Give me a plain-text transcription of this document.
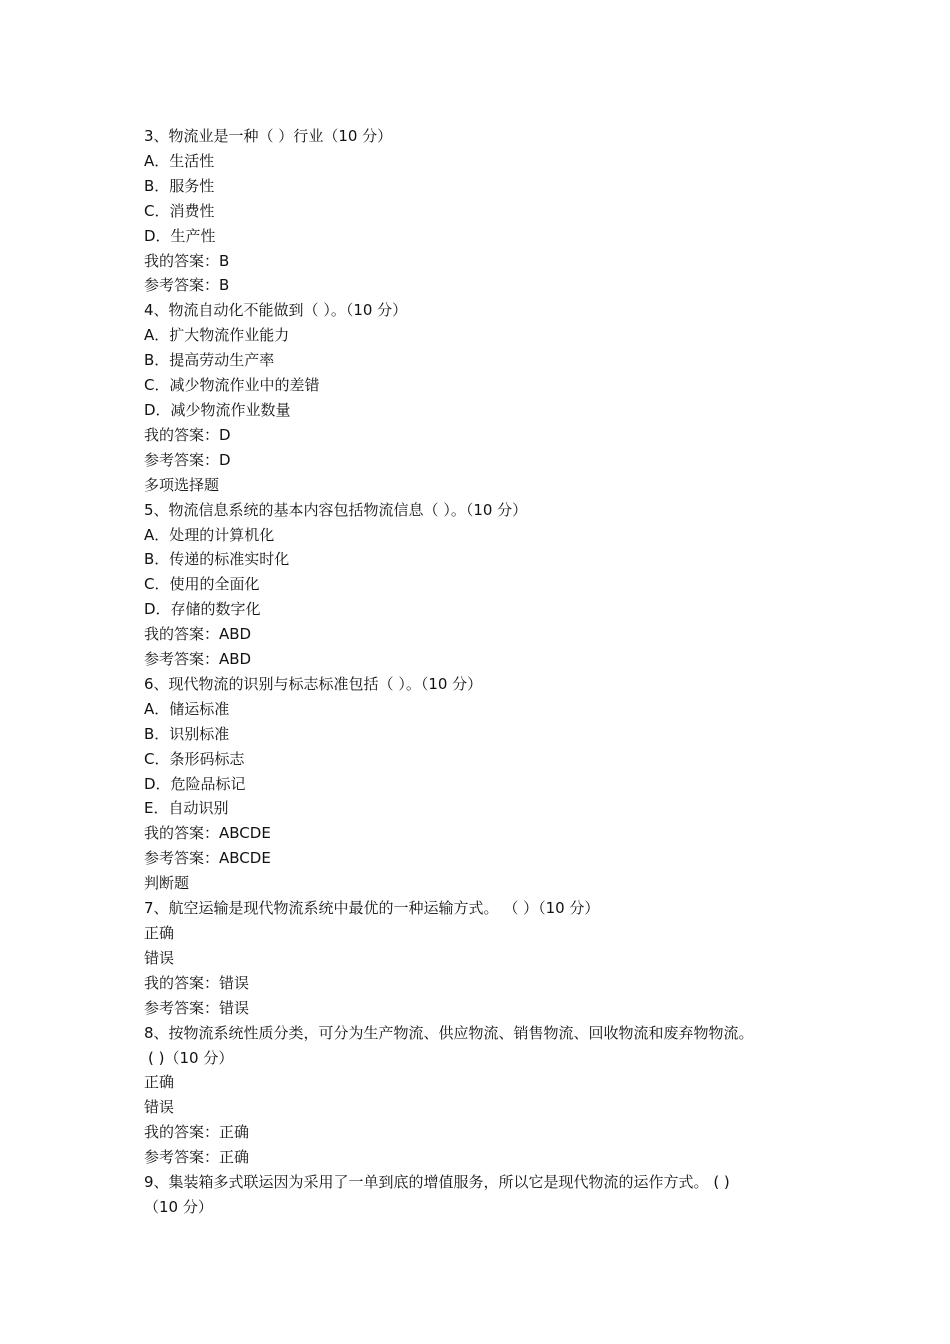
3、物流业是一种（ ）行业（10 分）

A．生活性

B．服务性

C．消费性

D．生产性

我的答案：B

参考答案：B

4、物流自动化不能做到（ ）。（10 分）

A．扩大物流作业能力

B．提高劳动生产率

C．减少物流作业中的差错

D．减少物流作业数量

我的答案：D

参考答案：D

多项选择题

5、物流信息系统的基本内容包括物流信息（ ）。（10 分）

A．处理的计算机化

B．传递的标准实时化

C．使用的全面化

D．存储的数字化

我的答案：ABD

参考答案：ABD

6、现代物流的识别与标志标准包括（ ）。（10 分）

A．储运标准

B．识别标准

C．条形码标志

D．危险品标记

E．自动识别

我的答案：ABCDE

参考答案：ABCDE

判断题

7、航空运输是现代物流系统中最优的一种运输方式。 （ ）（10 分）

正确

错误

我的答案：错误

参考答案：错误

8、按物流系统性质分类，可分为生产物流、供应物流、销售物流、回收物流和废弃物物流。

( )（10 分）

正确

错误

我的答案：正确

参考答案：正确

9、集装箱多式联运因为采用了一单到底的增值服务，所以它是现代物流的运作方式。 ( )

（10 分）
